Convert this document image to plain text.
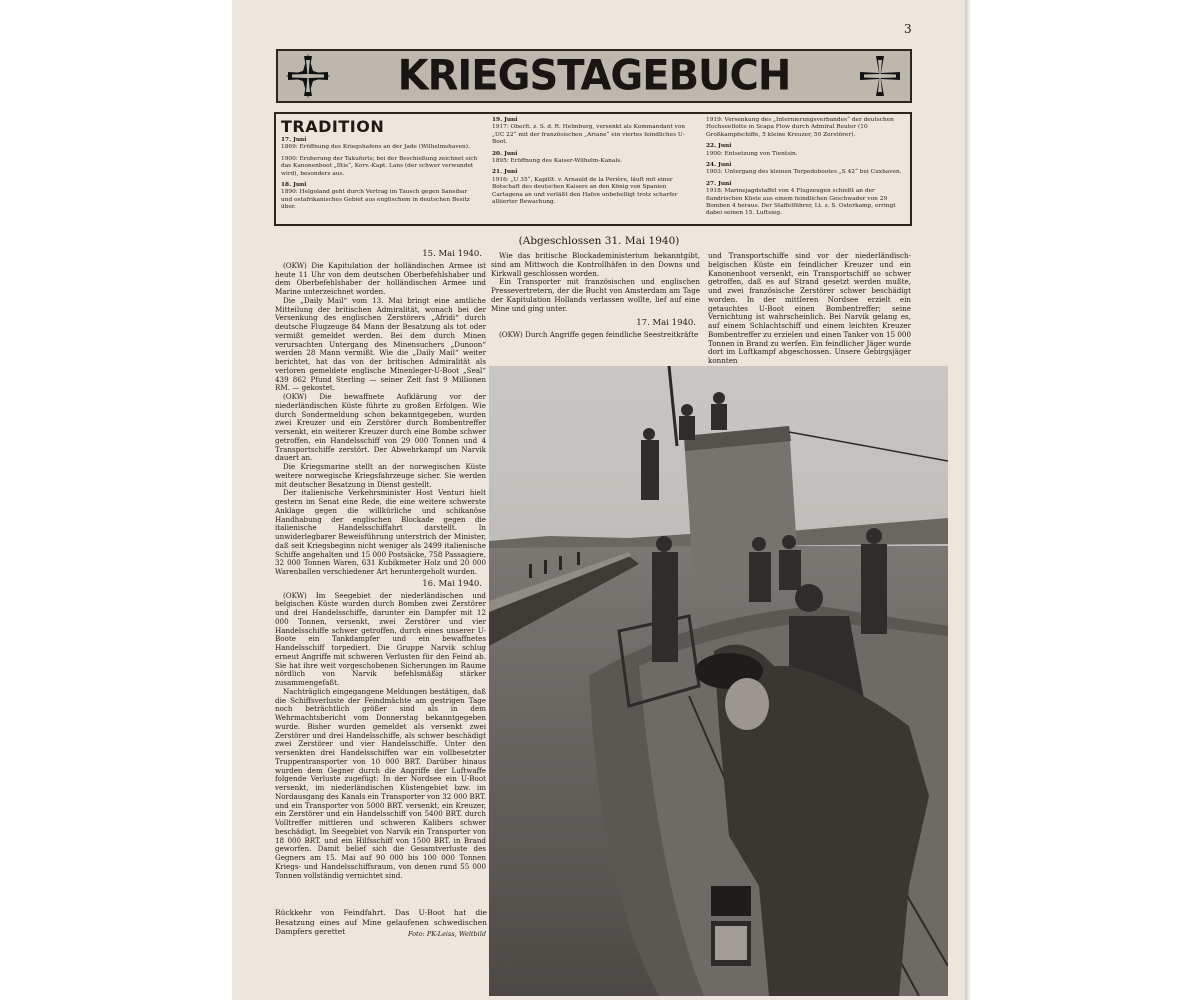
3
KRIEGSTAGEBUCH
TRADITION
17. Juni
1869: Eröffnung des Kriegshafens an der Jade (Wilhelmshaven).
1900: Eroberung der Takuforts; bei der Beschießung zeichnet sich das Kanonenboot „Iltis“, Korv.-Kapt. Lans (der schwer verwundet wird), besonders aus.
18. Juni
1890: Helgoland geht durch Vertrag im Tausch gegen Sansibar und ostafrikanisches Gebiet aus englischem in deutschen Besitz über.
19. Juni
1917: Oberlt. z. S. d. R. Helmburg, versenkt als Kommandant von „UC 22“ mit der französischen „Ariane“ ein viertes feindliches U-Boot.
20. Juni
1895: Eröffnung des Kaiser-Wilhelm-Kanals.
21. Juni
1916: „U 35“, Kapitlt. v. Arnauld de la Perière, läuft mit einer Botschaft des deutschen Kaisers an den König von Spanien Cartagena an und verläßt den Hafen unbehelligt trotz scharfer alliierter Bewachung.
1919: Versenkung des „Internierungsverbandes“ der deutschen Hochseeflotte in Scapa Flow durch Admiral Reuter (10 Großkampfschiffe, 5 kleine Kreuzer, 50 Zerstörer).
22. Juni
1900: Entsetzung von Tientsin.
24. Juni
1903: Untergang des kleinen Torpedobootes „S 42“ bei Cuxhaven.
27. Juni
1918: Marinejagdstaffel von 4 Flugzeugen schießt an der flandrischen Küste aus einem feindlichen Geschwader von 29 Bomben 4 heraus. Der Staffelführer, Lt. z. S. Osterkamp, erringt dabei seinen 15. Luftsieg.
(Abgeschlossen 31. Mai 1940)
15. Mai 1940.

(OKW) Die Kapitulation der holländischen Armee ist heute 11 Uhr von dem deutschen Oberbefehlshaber und dem Oberbefehlshaber der holländischen Armee und Marine unterzeichnet worden.

Die „Daily Mail“ vom 13. Mai bringt eine amtliche Mitteilung der britischen Admiralität, wonach bei der Versenkung des englischen Zerstörers „Afridi“ durch deutsche Flugzeuge 84 Mann der Besatzung als tot oder vermißt gemeldet werden. Bei dem durch Minen verursachten Untergang des Minensuchers „Dunoon“ werden 28 Mann vermißt. Wie die „Daily Mail“ weiter berichtet, hat das von der britischen Admiralität als verloren gemeldete englische Minenleger-U-Boot „Seal“ 439 862 Pfund Sterling — seiner Zeit fast 9 Millionen RM. — gekostet.

(OKW) Die bewaffnete Aufklärung vor der niederländischen Küste führte zu großen Erfolgen. Wie durch Sondermeldung schon bekanntgegeben, wurden zwei Kreuzer und ein Zerstörer durch Bombentreffer versenkt, ein weiterer Kreuzer durch eine Bombe schwer getroffen, ein Handelsschiff von 29 000 Tonnen und 4 Transportschiffe zerstört. Der Abwehrkampf um Narvik dauert an.

Die Kriegsmarine stellt an der norwegischen Küste weitere norwegische Kriegsfahrzeuge sicher. Sie werden mit deutscher Besatzung in Dienst gestellt.

Der italienische Verkehrsminister Host Venturi hielt gestern im Senat eine Rede, die eine weitere schwerste Anklage gegen die willkürliche und schikanöse Handhabung der englischen Blockade gegen die italienische Handelsschiffahrt darstellt. In unwiderlegbarer Beweisführung unterstrich der Minister, daß seit Kriegsbeginn nicht weniger als 2499 italienische Schiffe angehalten und 15 000 Postsäcke, 758 Passagiere, 32 000 Tonnen Waren, 631 Kubikmeter Holz und 20 000 Warenballen verschiedener Art heruntergeholt wurden.

16. Mai 1940.

(OKW) Im Seegebiet der niederländischen und belgischen Küste wurden durch Bomben zwei Zerstörer und drei Handelsschiffe, darunter ein Dampfer mit 12 000 Tonnen, versenkt, zwei Zerstörer und vier Handelsschiffe schwer getroffen, durch eines unserer U-Boote ein Tankdampfer und ein bewaffnetes Handelsschiff torpediert. Die Gruppe Narvik schlug erneut Angriffe mit schweren Verlusten für den Feind ab. Sie hat ihre weit vorgeschobenen Sicherungen im Raume nördlich von Narvik befehlsmäßig stärker zusammengefaßt.

Nachträglich eingegangene Meldungen bestätigen, daß die Schiffsverluste der Feindmächte am gestrigen Tage noch beträchtlich größer sind als in dem Wehrmachtsbericht vom Donnerstag bekanntgegeben wurde. Bisher wurden gemeldet als versenkt zwei Zerstörer und drei Handelsschiffe, als schwer beschädigt zwei Zerstörer und vier Handelsschiffe. Unter den versenkten drei Handelsschiffen war ein vollbesetzter Truppentransporter von 10 000 BRT. Darüber hinaus wurden dem Gegner durch die Angriffe der Luftwaffe folgende Verluste zugefügt: In der Nordsee ein U-Boot versenkt, im niederländischen Küstengebiet bzw. im Nordausgang des Kanals ein Transporter von 32 000 BRT. und ein Transporter von 5000 BRT. versenkt, ein Kreuzer, ein Zerstörer und ein Handelsschiff von 5400 BRT. durch Volltreffer mittleren und schweren Kalibers schwer beschädigt. Im Seegebiet von Narvik ein Transporter von 18 000 BRT. und ein Hilfsschiff von 1500 BRT. in Brand geworfen. Damit belief sich die Gesamtverluste des Gegners am 15. Mai auf 90 000 bis 100 000 Tonnen Kriegs- und Handelsschiffsraum, von denen rund 55 000 Tonnen vollständig vernichtet sind.

Rückkehr von Feindfahrt. Das U-Boot hat die Besatzung eines auf Mine gelaufenen schwedischen Dampfers gerettet	Foto: PK-Leiss, Weltbild

Wie das britische Blockadeministerium bekanntgibt, sind am Mittwoch die Kontrollhäfen in den Downs und Kirkwall geschlossen worden.

Ein Transporter mit französischen und englischen Pressevertretern, der die Bucht von Amsterdam am Tage der Kapitulation Hollands verlassen wollte, lief auf eine Mine und ging unter.

17. Mai 1940.

(OKW) Durch Angriffe gegen feindliche Seestreitkräfte

und Transportschiffe sind vor der niederländisch-belgischen Küste ein feindlicher Kreuzer und ein Kanonenboot versenkt, ein Transportschiff so schwer getroffen, daß es auf Strand gesetzt werden mußte, und zwei französische Zerstörer schwer beschädigt worden. In der mittleren Nordsee erzielt ein getauchtes U-Boot einen Bombentreffer; seine Vernichtung ist wahrscheinlich. Bei Narvik gelang es, auf einem Schlachtschiff und einem leichten Kreuzer Bombentreffer zu erzielen und einen Tanker von 15 000 Tonnen in Brand zu werfen. Ein feindlicher Jäger wurde dort im Luftkampf abgeschossen. Unsere Gebirgsjäger konnten
